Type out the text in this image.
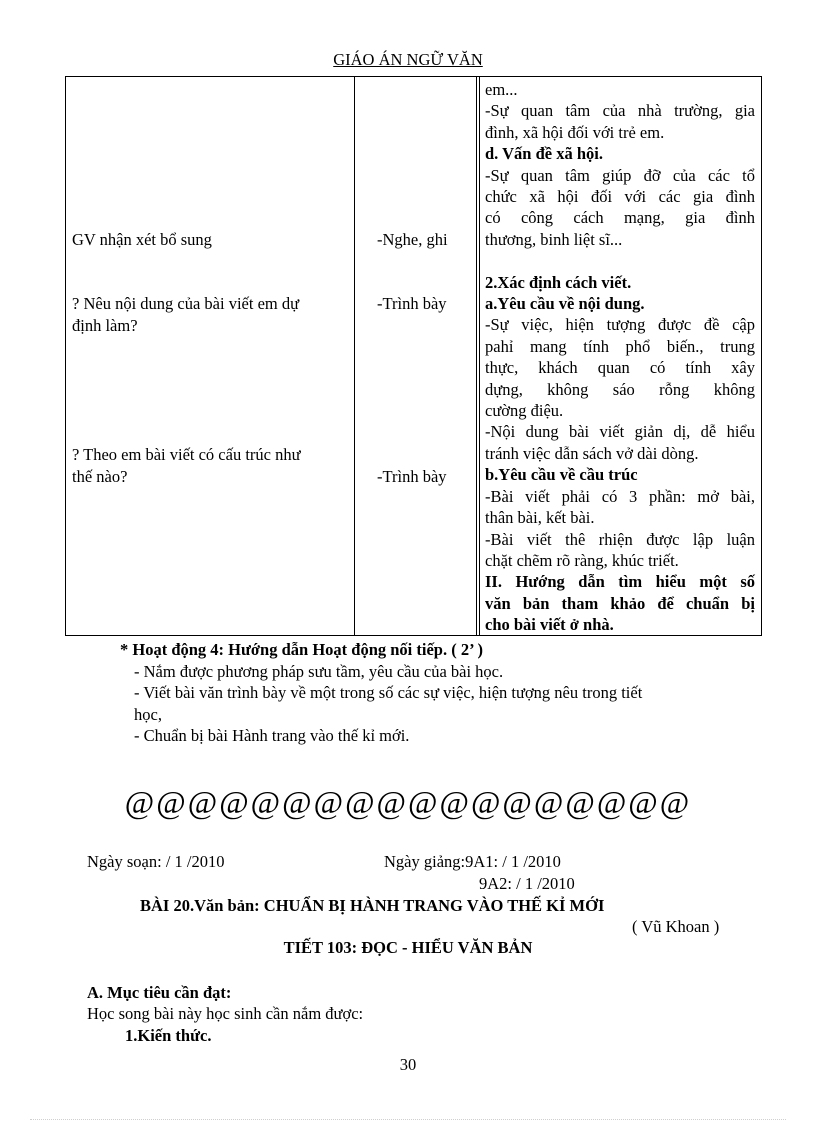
GIÁO ÁN NGỮ VĂN
GV nhận xét bổ sung
? Nêu nội dung của bài viết em dự
định làm?
? Theo em bài viết có cấu trúc như
thế nào?
-Nghe, ghi
-Trình bày
-Trình bày
em...
-Sự quan tâm của nhà trường, gia
đình, xã hội đối với trẻ em.
d. Vấn đề xã hội.
-Sự quan tâm giúp đỡ của các tổ
chức xã hội đối với các gia đình
có công cách mạng, gia đình
thương, binh liệt sĩ...
2.Xác định cách viết.
a.Yêu cầu về nội dung.
-Sự việc, hiện tượng được đề cập
pahỉ mang tính phổ biến., trung
thực, khách quan có tính xây
dựng, không sáo rỗng không
cường điệu.
-Nội dung bài viết giản dị, dễ hiểu
tránh việc dẫn sách vở dài dòng.
b.Yêu cầu về cầu trúc
-Bài viết phải có 3 phần: mở bài,
thân bài, kết bài.
-Bài viết thê rhiện được lập luận
chặt chẽm rõ ràng, khúc triết.
II. Hướng dẫn tìm hiểu một số
văn bản tham khảo để chuẩn bị
cho bài viết ở nhà.
* Hoạt động 4: Hướng dẫn Hoạt động nối tiếp. ( 2’ )
- Nắm được phương pháp sưu tầm, yêu cầu của bài học.
- Viết bài văn trình bày về một trong số các sự việc, hiện tượng nêu trong tiết
học,
- Chuẩn bị bài Hành trang vào thế kỉ mới.
@@@@@@@@@@@@@@@@@@
Ngày soạn: / 1 /2010	Ngày giảng:9A1: / 1 /2010
9A2: / 1 /2010
BÀI 20.Văn bản: CHUẨN BỊ HÀNH TRANG VÀO THẾ KỈ MỚI
( Vũ Khoan )
TIẾT 103: ĐỌC - HIỂU VĂN BẢN
A. Mục tiêu cần đạt:
Học song bài này học sinh cần nắm được:
1.Kiến thức.
30
